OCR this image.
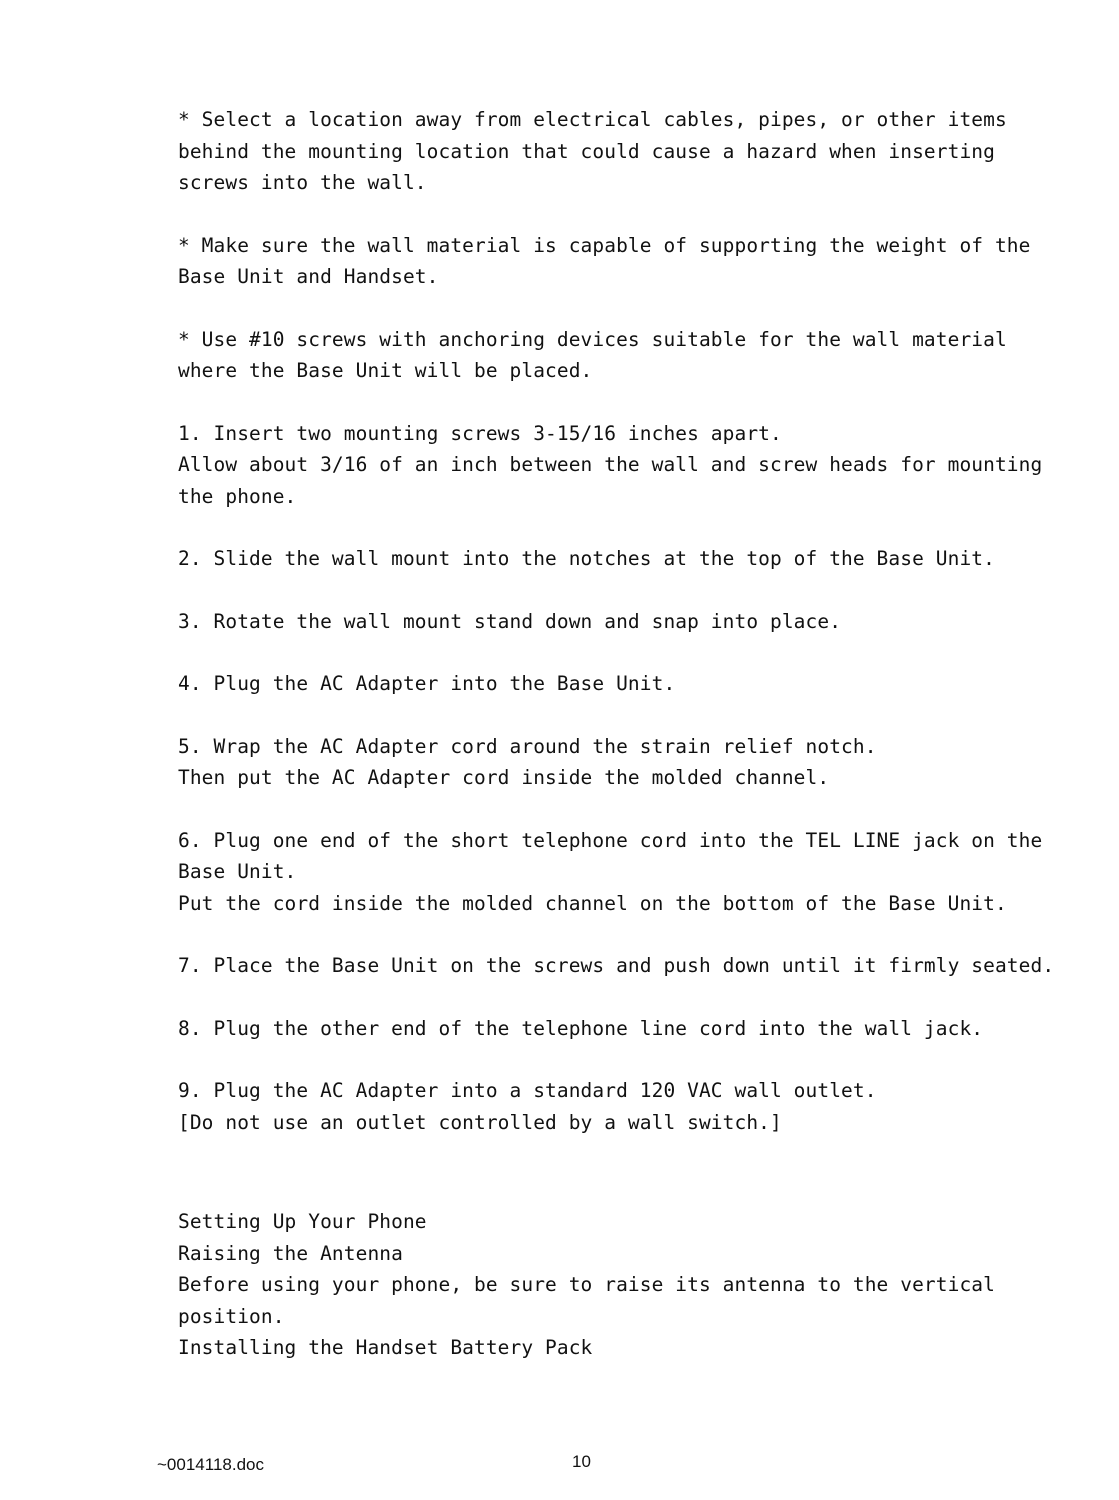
* Select a location away from electrical cables, pipes, or other items
behind the mounting location that could cause a hazard when inserting
screws into the wall.
* Make sure the wall material is capable of supporting the weight of the
Base Unit and Handset.
* Use #10 screws with anchoring devices suitable for the wall material
where the Base Unit will be placed.
1. Insert two mounting screws 3-15/16 inches apart.
Allow about 3/16 of an inch between the wall and screw heads for mounting
the phone.
2. Slide the wall mount into the notches at the top of the Base Unit.
3. Rotate the wall mount stand down and snap into place.
4. Plug the AC Adapter into the Base Unit.
5. Wrap the AC Adapter cord around the strain relief notch.
Then put the AC Adapter cord inside the molded channel.
6. Plug one end of the short telephone cord into the TEL LINE jack on the
Base Unit.
Put the cord inside the molded channel on the bottom of the Base Unit.
7. Place the Base Unit on the screws and push down until it firmly seated.
8. Plug the other end of the telephone line cord into the wall jack.
9. Plug the AC Adapter into a standard 120 VAC wall outlet.
[Do not use an outlet controlled by a wall switch.]
Setting Up Your Phone
Raising the Antenna
Before using your phone, be sure to raise its antenna to the vertical
position.
Installing the Handset Battery Pack
~0014118.doc	10
